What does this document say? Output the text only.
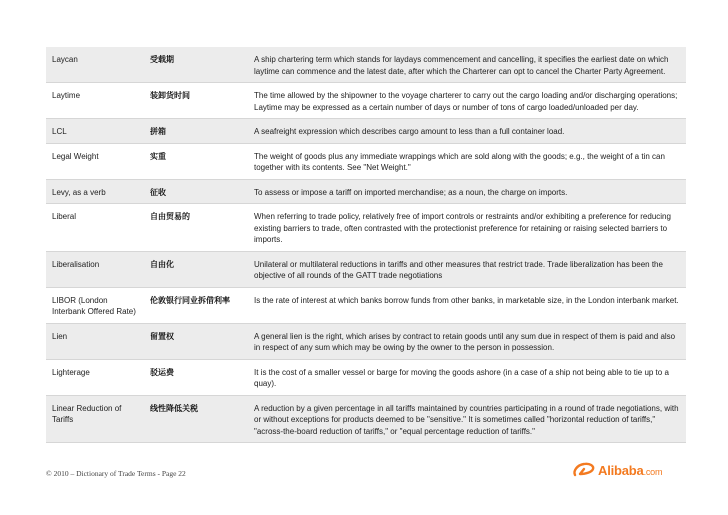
Laycan	受载期	A ship chartering term which stands for laydays commencement and cancelling, it specifies the earliest date on which laytime can commence and the latest date, after which the Charterer can opt to cancel the Charter Party Agreement.
Laytime	装卸货时间	The time allowed by the shipowner to the voyage charterer to carry out the cargo loading and/or discharging operations; Laytime may be expressed as a certain number of days or number of tons of cargo loaded/unloaded per day.
LCL	拼箱	A seafreight expression which describes cargo amount to less than a full container load.
Legal Weight	实重	The weight of goods plus any immediate wrappings which are sold along with the goods; e.g., the weight of a tin can together with its contents. See "Net Weight."
Levy, as a verb	征收	To assess or impose a tariff on imported merchandise; as a noun, the charge on imports.
Liberal	自由贸易的	When referring to trade policy, relatively free of import controls or restraints and/or exhibiting a preference for reducing existing barriers to trade, often contrasted with the protectionist preference for retaining or raising selected barriers to imports.
Liberalisation	自由化	Unilateral or multilateral reductions in tariffs and other measures that restrict trade. Trade liberalization has been the objective of all rounds of the GATT trade negotiations
LIBOR (London Interbank Offered Rate)	伦敦银行同业拆借利率	Is the rate of interest at which banks borrow funds from other banks, in marketable size, in the London interbank market.
Lien	留置权	A general lien is the right, which arises by contract to retain goods until any sum due in respect of them is paid and also in respect of any sum which may be owing by the owner to the person in possession.
Lighterage	驳运费	It is the cost of a smaller vessel or barge for moving the goods ashore (in a case of a ship not being able to tie up to a quay).
Linear Reduction of Tariffs	线性降低关税	A reduction by a given percentage in all tariffs maintained by countries participating in a round of trade negotiations, with or without exceptions for products deemed to be "sensitive." It is sometimes called "horizontal reduction of tariffs," "across-the-board reduction of tariffs," or "equal percentage reduction of tariffs."
© 2010 – Dictionary of Trade Terms - Page 22	Alibaba.com
